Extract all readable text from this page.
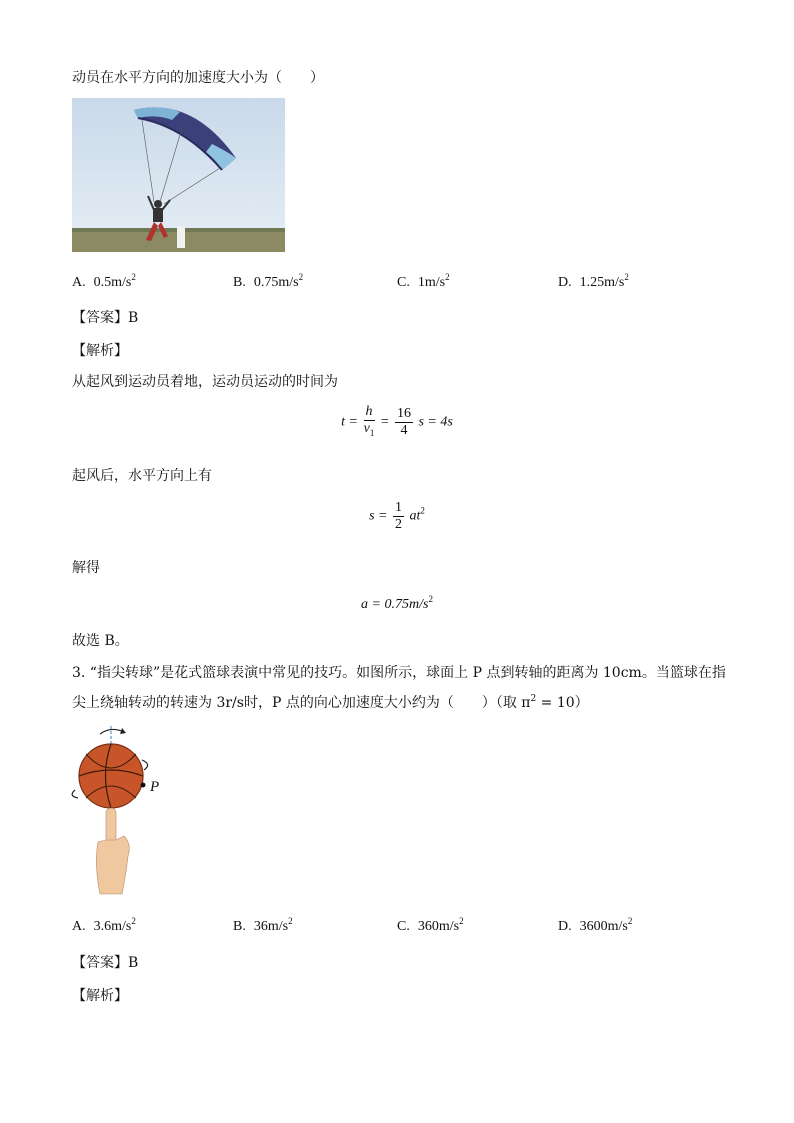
动员在水平方向的加速度大小为（　　）
A. $0.5m/s^2$	B. $0.75m/s^2$	C. $1m/s^2$	D. $1.25m/s^2$
【答案】B
【解析】
从起风到运动员着地，运动员运动的时间为
$t = \frac{h}{v_1} = \frac{16}{4}$ s = 4s
起风后，水平方向上有
$s = \frac{1}{2} at^2$
解得
$a = 0.75m/s^2$
故选 B。
3. “指尖转球”是花式篮球表演中常见的技巧。如图所示，球面上 P 点到转轴的距离为 10cm。当篮球在指
尖上绕轴转动的转速为 3r/s时，P 点的向心加速度大小约为（　　）（取 $\pi^2 = 10$）
P
A. $3.6m/s^2$	B. $36m/s^2$	C. $360m/s^2$	D. $3600m/s^2$
【答案】B
【解析】
